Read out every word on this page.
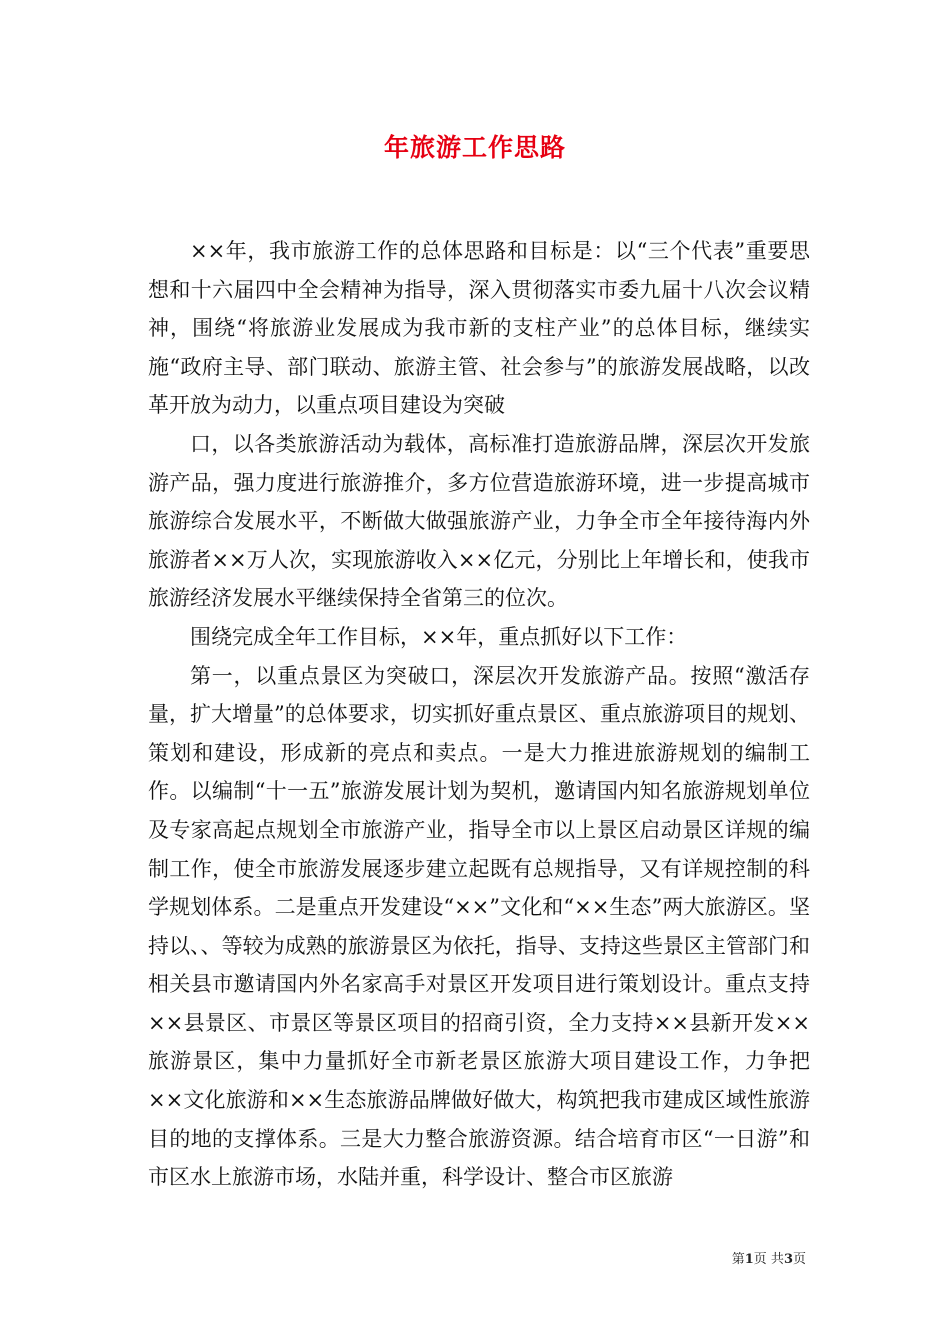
年旅游工作思路

××年，我市旅游工作的总体思路和目标是：以“三个代表”重要思想和十六届四中全会精神为指导，深入贯彻落实市委九届十八次会议精神，围绕“将旅游业发展成为我市新的支柱产业”的总体目标，继续实施“政府主导、部门联动、旅游主管、社会参与”的旅游发展战略，以改革开放为动力，以重点项目建设为突破

口，以各类旅游活动为载体，高标准打造旅游品牌，深层次开发旅游产品，强力度进行旅游推介，多方位营造旅游环境，进一步提高城市旅游综合发展水平，不断做大做强旅游产业，力争全市全年接待海内外旅游者××万人次，实现旅游收入××亿元，分别比上年增长和，使我市旅游经济发展水平继续保持全省第三的位次。

围绕完成全年工作目标，××年，重点抓好以下工作：

第一，以重点景区为突破口，深层次开发旅游产品。按照“激活存量，扩大增量”的总体要求，切实抓好重点景区、重点旅游项目的规划、策划和建设，形成新的亮点和卖点。一是大力推进旅游规划的编制工作。以编制“十一五”旅游发展计划为契机，邀请国内知名旅游规划单位及专家高起点规划全市旅游产业，指导全市以上景区启动景区详规的编制工作，使全市旅游发展逐步建立起既有总规指导，又有详规控制的科学规划体系。二是重点开发建设“××”文化和“××生态”两大旅游区。坚持以、、等较为成熟的旅游景区为依托，指导、支持这些景区主管部门和相关县市邀请国内外名家高手对景区开发项目进行策划设计。重点支持××县景区、市景区等景区项目的招商引资，全力支持××县新开发××旅游景区，集中力量抓好全市新老景区旅游大项目建设工作，力争把××文化旅游和××生态旅游品牌做好做大，构筑把我市建成区域性旅游目的地的支撑体系。三是大力整合旅游资源。结合培育市区“一日游”和市区水上旅游市场，水陆并重，科学设计、整合市区旅游

第1页 共3页
